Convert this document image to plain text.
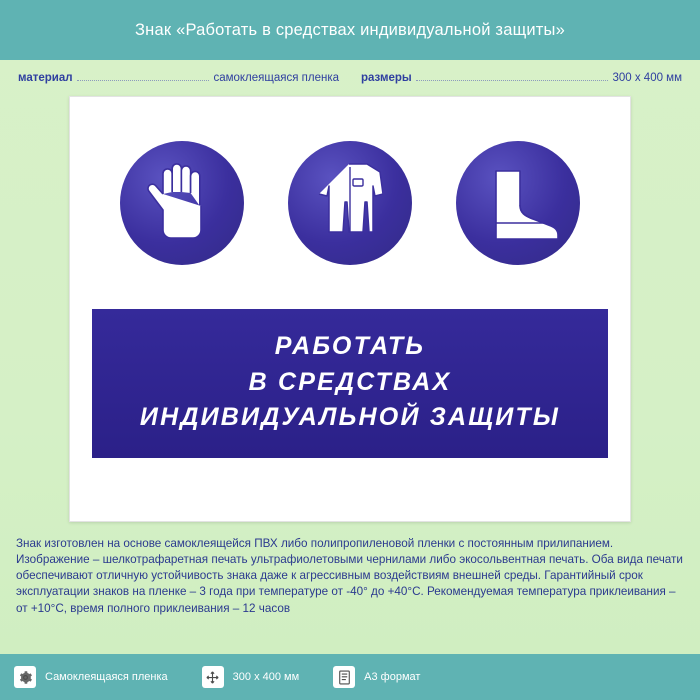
Знак «Работать в средствах индивидуальной защиты»
материал	самоклеящаяся пленка размеры	300 х 400 мм
РАБОТАТЬ
В СРЕДСТВАХ
ИНДИВИДУАЛЬНОЙ ЗАЩИТЫ
Знак изготовлен на основе самоклеящейся ПВХ либо полипропиленовой пленки с постоянным прилипанием. Изображение – шелкотрафаретная печать ультрафиолетовыми чернилами либо экосольвентная печать. Оба вида печати обеспечивают отличную устойчивость знака даже к агрессивным воздействиям внешней среды. Гарантийный срок эксплуатации знаков на пленке – 3 года при температуре от -40° до +40°С. Рекомендуемая температура приклеивания – от +10°С, время полного приклеивания – 12 часов
Самоклеящаяся пленка	300 х 400 мм	A3 формат
